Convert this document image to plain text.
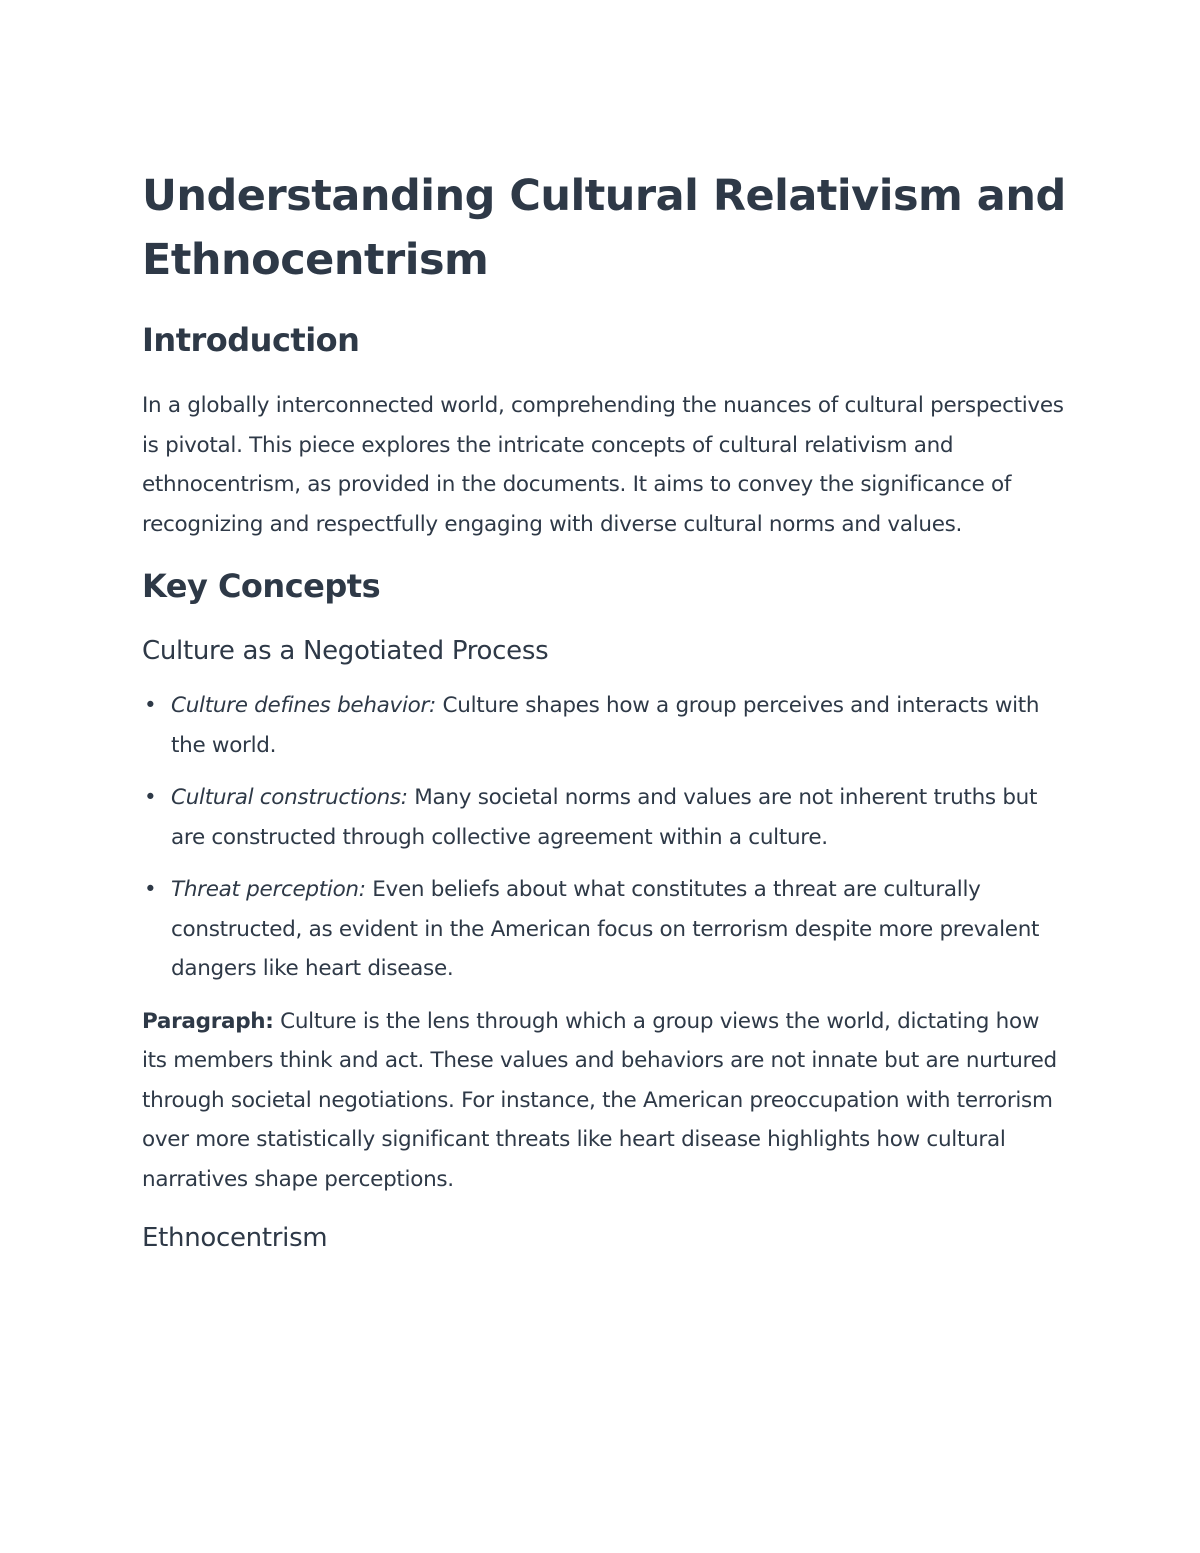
Understanding Cultural Relativism and Ethnocentrism
Introduction

In a globally interconnected world, comprehending the nuances of cultural perspectives is pivotal. This piece explores the intricate concepts of cultural relativism and ethnocentrism, as provided in the documents. It aims to convey the significance of recognizing and respectfully engaging with diverse cultural norms and values.

Key Concepts
Culture as a Negotiated Process
• Culture defines behavior: Culture shapes how a group perceives and interacts with the world.
• Cultural constructions: Many societal norms and values are not inherent truths but are constructed through collective agreement within a culture.
• Threat perception: Even beliefs about what constitutes a threat are culturally constructed, as evident in the American focus on terrorism despite more prevalent dangers like heart disease.

Paragraph: Culture is the lens through which a group views the world, dictating how its members think and act. These values and behaviors are not innate but are nurtured through societal negotiations. For instance, the American preoccupation with terrorism over more statistically significant threats like heart disease highlights how cultural narratives shape perceptions.

Ethnocentrism
